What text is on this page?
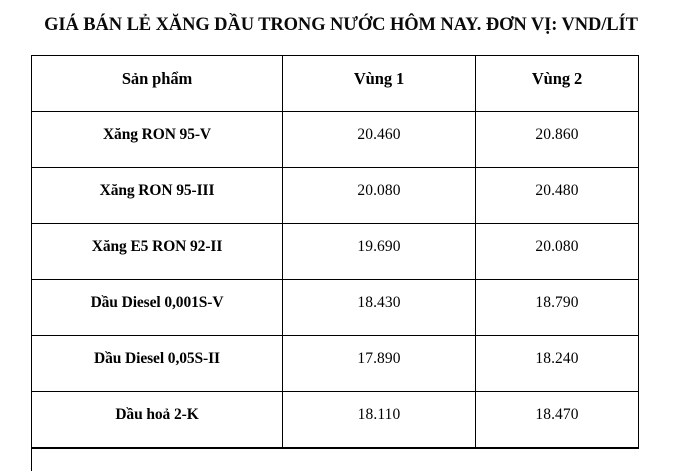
GIÁ BÁN LẺ XĂNG DẦU TRONG NƯỚC HÔM NAY. ĐƠN VỊ: VND/LÍT
Sản phẩm	Vùng 1	Vùng 2

Xăng RON 95-V	20.460	20.860

Xăng RON 95-III	20.080	20.480

Xăng E5 RON 92-II	19.690	20.080

Dầu Diesel 0,001S-V	18.430	18.790

Dầu Diesel 0,05S-II	17.890	18.240

Dầu hoả 2-K	18.110	18.470
